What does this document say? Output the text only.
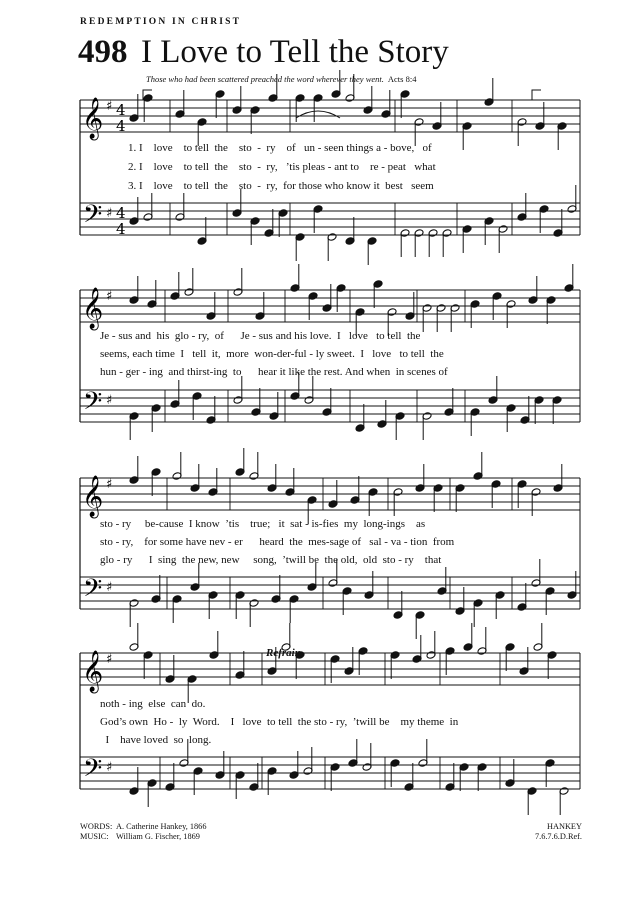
REDEMPTION IN CHRIST
498 I Love to Tell the Story
Those who had been scattered preached the word wherever they went. Acts 8:4
𝄞
𝄢
♯
♯
4
4
4
4
𝄞
𝄢
♯
♯
𝄞
𝄢
♯
♯
𝄞
𝄢
♯
♯
Refrain
WORDS: A. Catherine Hankey, 1866
MUSIC: William G. Fischer, 1869
HANKEY
7.6.7.6.D.Ref.
1. I    love    to tell  the    sto  -  ry    of   un - seen things a - bove,   of
2. I    love    to tell  the    sto  -  ry,   ’tis pleas - ant to    re - peat   what
3. I    love    to tell  the    sto  -  ry,  for those who know it  best   seem
Je - sus and  his  glo - ry,  of      Je - sus and his love.  I   love   to tell  the
seems, each time  I   tell  it,  more  won-der-ful - ly sweet.  I   love   to tell  the
hun - ger - ing  and thirst-ing  to      hear it like the rest. And when  in scenes of
sto - ry     be-cause  I know  ’tis    true;   it  sat - is-fies  my  long-ings    as
sto - ry,    for some have nev - er      heard  the  mes-sage of   sal - va - tion  from
glo - ry      I  sing  the new, new     song,  ’twill be  the old,  old  sto - ry    that
noth - ing  else  can  do.
God’s own  Ho -  ly  Word.    I   love  to tell  the sto - ry,  ’twill be    my theme  in
I    have loved  so  long.
